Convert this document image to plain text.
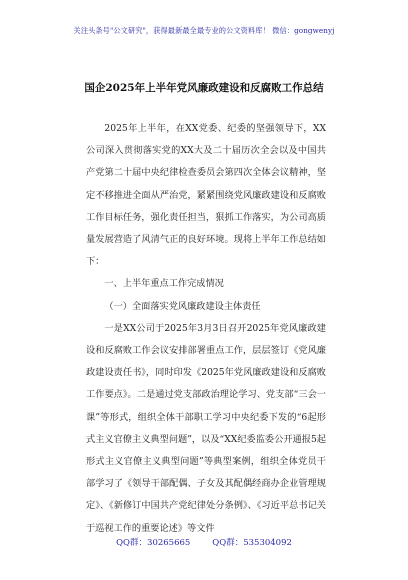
关注头条号"公文研究"，获得最新最全最专业的公文资料库！ 微信：gongwenyj
国企2025年上半年党风廉政建设和反腐败工作总结

2025年上半年，在XX党委、纪委的坚强领导下，XX公司深入贯彻落实党的XX大及二十届历次全会以及中国共产党第二十届中央纪律检查委员会第四次全体会议精神，坚定不移推进全面从严治党，紧紧围绕党风廉政建设和反腐败工作目标任务，强化责任担当，狠抓工作落实，为公司高质量发展营造了风清气正的良好环境。现将上半年工作总结如下：

一、上半年重点工作完成情况

（一）全面落实党风廉政建设主体责任

一是XX公司于2025年3月3日召开2025年党风廉政建设和反腐败工作会议安排部署重点工作，层层签订《党风廉政建设责任书》，同时印发《2025年党风廉政建设和反腐败工作要点》。二是通过党支部政治理论学习、党支部“三会一课”等形式，组织全体干部职工学习中央纪委下发的“6起形式主义官僚主义典型问题”，以及“XX纪委监委公开通报5起形式主义官僚主义典型问题”等典型案例，组织全体党员干部学习了《领导干部配偶、子女及其配偶经商办企业管理规定》、《新修订中国共产党纪律处分条例》、《习近平总书记关于巡视工作的重要论述》等文件

QQ群：30265665	QQ群：535304092
